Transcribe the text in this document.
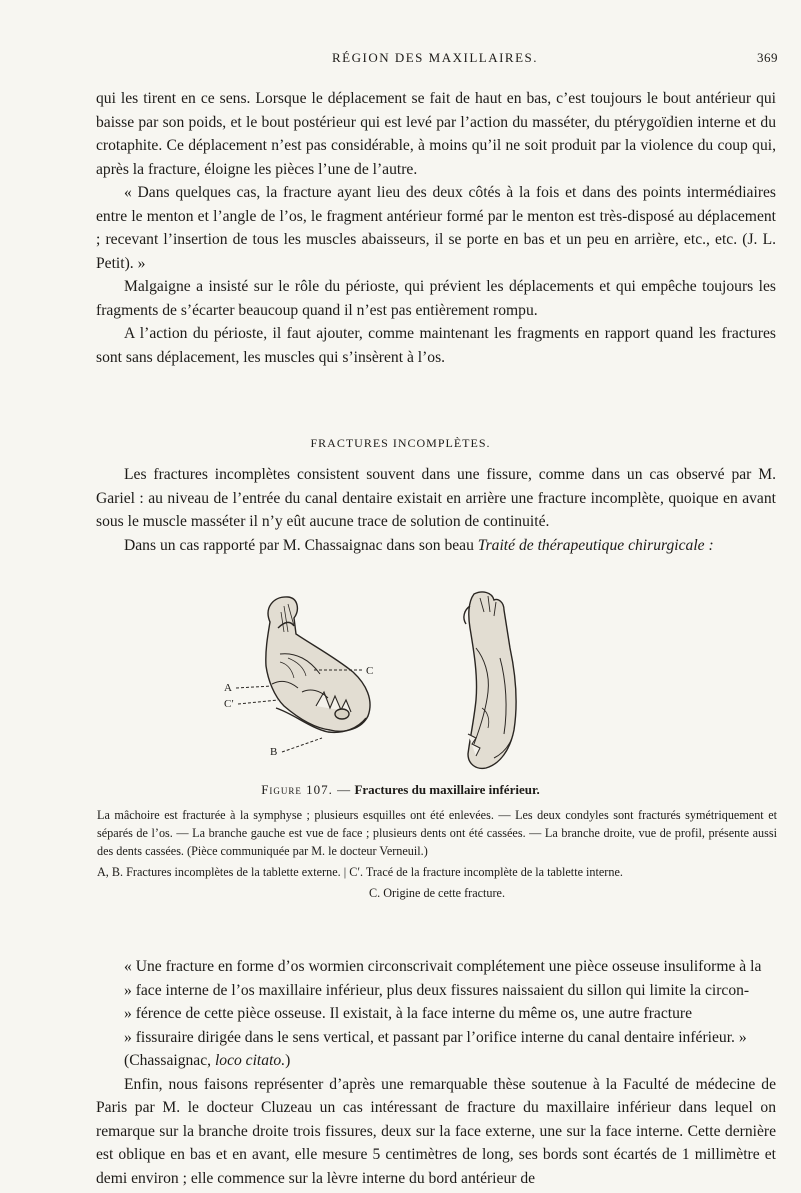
RÉGION DES MAXILLAIRES.	369

qui les tirent en ce sens. Lorsque le déplacement se fait de haut en bas, c’est toujours le bout antérieur qui baisse par son poids, et le bout postérieur qui est levé par l’action du masséter, du ptérygoïdien interne et du crotaphite. Ce déplacement n’est pas considérable, à moins qu’il ne soit produit par la violence du coup qui, après la fracture, éloigne les pièces l’une de l’autre.

« Dans quelques cas, la fracture ayant lieu des deux côtés à la fois et dans des points intermédiaires entre le menton et l’angle de l’os, le fragment antérieur formé par le menton est très-disposé au déplacement ; recevant l’insertion de tous les muscles abaisseurs, il se porte en bas et un peu en arrière, etc., etc. (J. L. Petit). »

Malgaigne a insisté sur le rôle du périoste, qui prévient les déplacements et qui empêche toujours les fragments de s’écarter beaucoup quand il n’est pas entièrement rompu.

A l’action du périoste, il faut ajouter, comme maintenant les fragments en rapport quand les fractures sont sans déplacement, les muscles qui s’insèrent à l’os.

FRACTURES INCOMPLÈTES.

Les fractures incomplètes consistent souvent dans une fissure, comme dans un cas observé par M. Gariel : au niveau de l’entrée du canal dentaire existait en arrière une fracture incomplète, quoique en avant sous le muscle masséter il n’y eût aucune trace de solution de continuité.

Dans un cas rapporté par M. Chassaignac dans son beau Traité de thérapeutique chirurgicale :

C
A
C′
B
Figure 107. — Fractures du maxillaire inférieur.

La mâchoire est fracturée à la symphyse ; plusieurs esquilles ont été enlevées. — Les deux condyles sont fracturés symétriquement et séparés de l’os. — La branche gauche est vue de face ; plusieurs dents ont été cassées. — La branche droite, vue de profil, présente aussi des dents cassées. (Pièce communiquée par M. le docteur Verneuil.)

A, B. Fractures incomplètes de la tablette externe. | C′. Tracé de la fracture incomplète de la tablette interne.

C. Origine de cette fracture.

« Une fracture en forme d’os wormien circonscrivait complétement une pièce osseuse insuliforme à la

» face interne de l’os maxillaire inférieur, plus deux fissures naissaient du sillon qui limite la circon-

» férence de cette pièce osseuse. Il existait, à la face interne du même os, une autre fracture

» fissuraire dirigée dans le sens vertical, et passant par l’orifice interne du canal dentaire inférieur. »

(Chassaignac, loco citato.)

Enfin, nous faisons représenter d’après une remarquable thèse soutenue à la Faculté de médecine de Paris par M. le docteur Cluzeau un cas intéressant de fracture du maxillaire inférieur dans lequel on remarque sur la branche droite trois fissures, deux sur la face externe, une sur la face interne. Cette dernière est oblique en bas et en avant, elle mesure 5 centimètres de long, ses bords sont écartés de 1 millimètre et demi environ ; elle commence sur la lèvre interne du bord antérieur de
